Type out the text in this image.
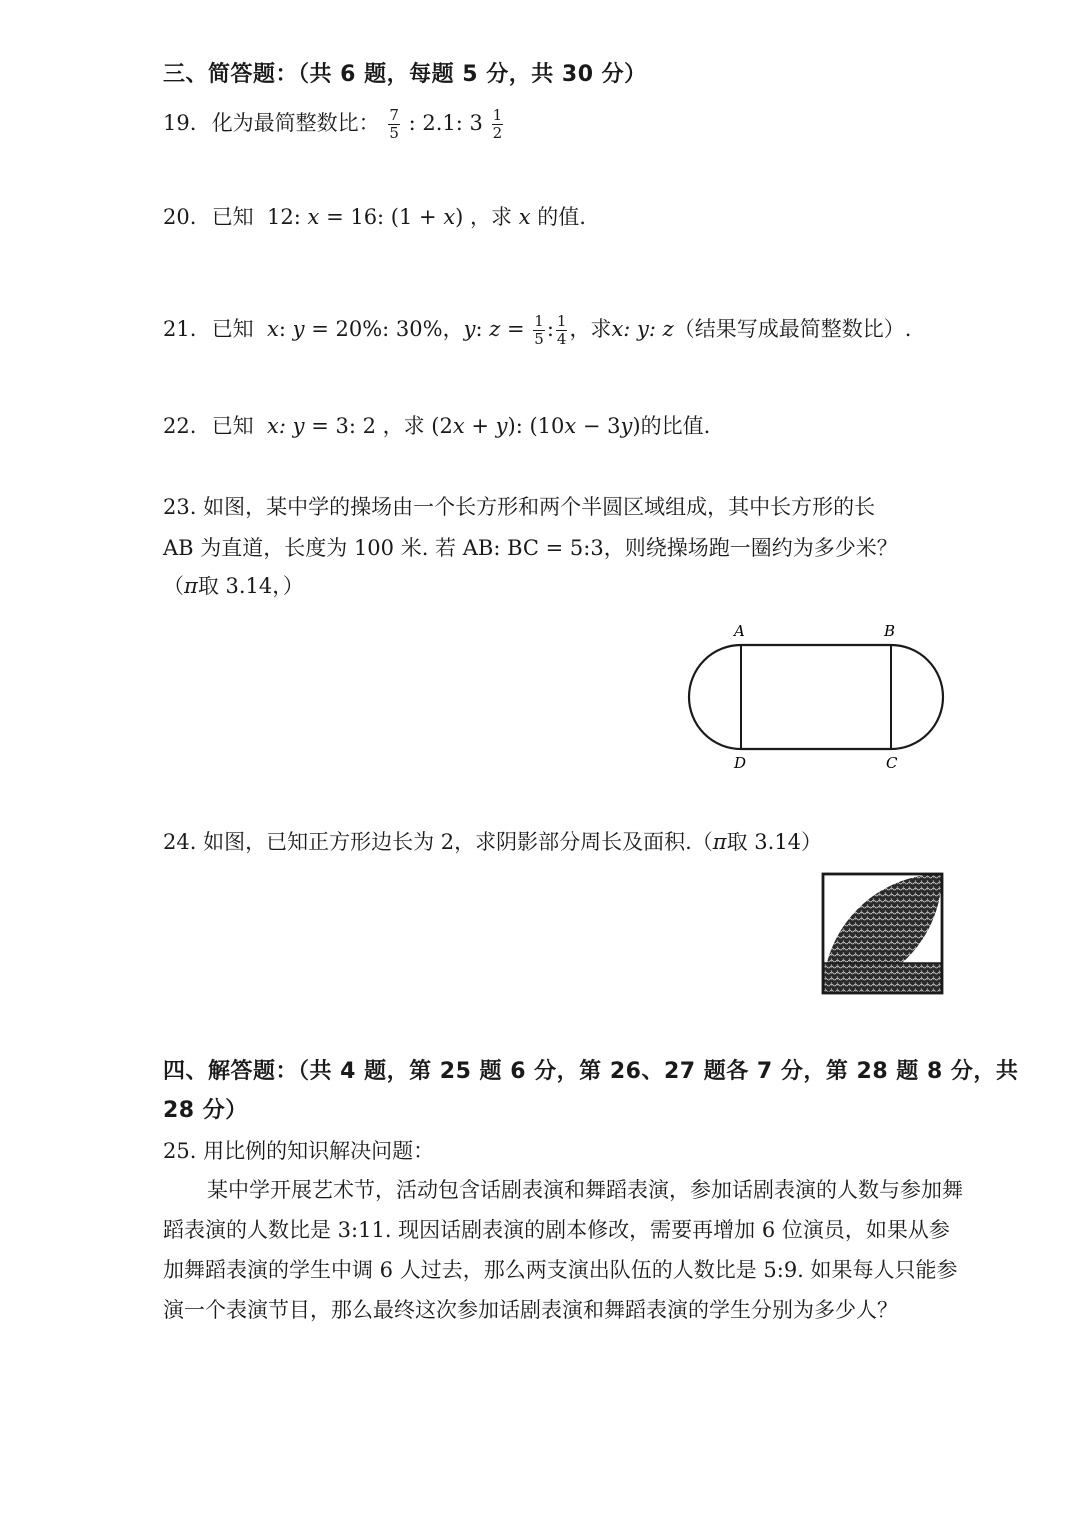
三、简答题：（共 6 题，每题 5 分，共 30 分）
19. 化为最简整数比： $\frac{7}{5}$ : 2.1: $3 \frac{1}{2}$
20. 已知 12: x = 16: (1 + x) ，求 x 的值.
21. 已知 x: y = 20%: 30%，y: $z = \frac{1}{5}$ : $\frac{1}{4}$ ，求x: y: z（结果写成最简整数比）.
22. 已知 x: y = 3: 2 ，求 (2x + y): (10x − 3y)的比值.
23. 如图，某中学的操场由一个长方形和两个半圆区域组成，其中长方形的长
AB 为直道，长度为 100 米. 若 AB: BC = 5:3，则绕操场跑一圈约为多少米？
（π取 3.14，）
A	B
D	C
24. 如图，已知正方形边长为 2，求阴影部分周长及面积.（π取 3.14）
四、解答题：（共 4 题，第 25 题 6 分，第 26、27 题各 7 分，第 28 题 8 分，共
28 分）
25. 用比例的知识解决问题：
某中学开展艺术节，活动包含话剧表演和舞蹈表演，参加话剧表演的人数与参加舞蹈表演的人数比是 3:11. 现因话剧表演的剧本修改，需要再增加 6 位演员，如果从参加舞蹈表演的学生中调 6 人过去，那么两支演出队伍的人数比是 5:9. 如果每人只能参演一个表演节目，那么最终这次参加话剧表演和舞蹈表演的学生分别为多少人？
